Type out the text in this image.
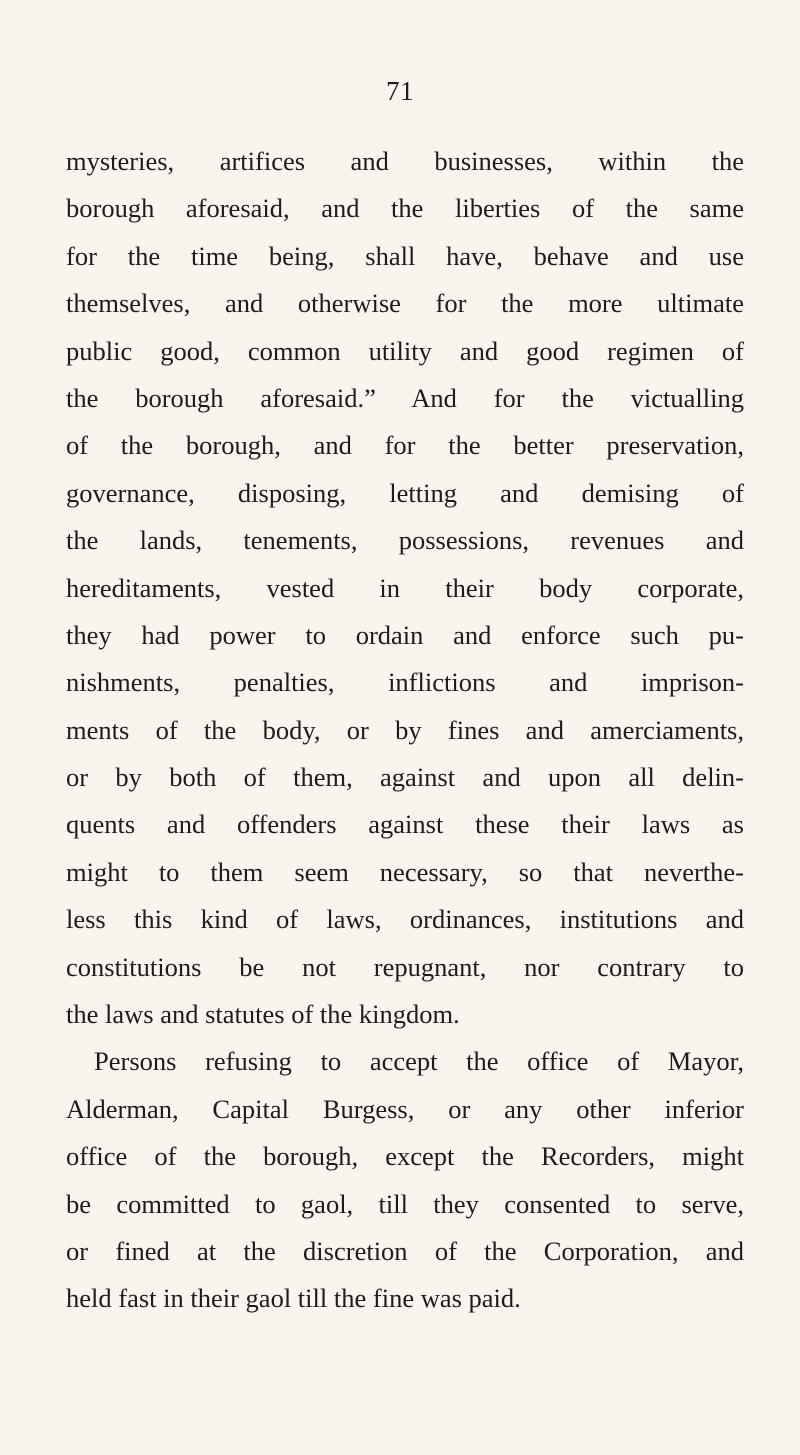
71
mysteries, artifices and businesses, within the
borough aforesaid, and the liberties of the same
for the time being, shall have, behave and use
themselves, and otherwise for the more ultimate
public good, common utility and good regimen of
the borough aforesaid.” And for the victualling
of the borough, and for the better preservation,
governance, disposing, letting and demising of
the lands, tenements, possessions, revenues and
hereditaments, vested in their body corporate,
they had power to ordain and enforce such pu-
nishments, penalties, inflictions and imprison-
ments of the body, or by fines and amerciaments,
or by both of them, against and upon all delin-
quents and offenders against these their laws as
might to them seem necessary, so that neverthe-
less this kind of laws, ordinances, institutions and
constitutions be not repugnant, nor contrary to
the laws and statutes of the kingdom.
Persons refusing to accept the office of Mayor,
Alderman, Capital Burgess, or any other inferior
office of the borough, except the Recorders, might
be committed to gaol, till they consented to serve,
or fined at the discretion of the Corporation, and
held fast in their gaol till the fine was paid.
